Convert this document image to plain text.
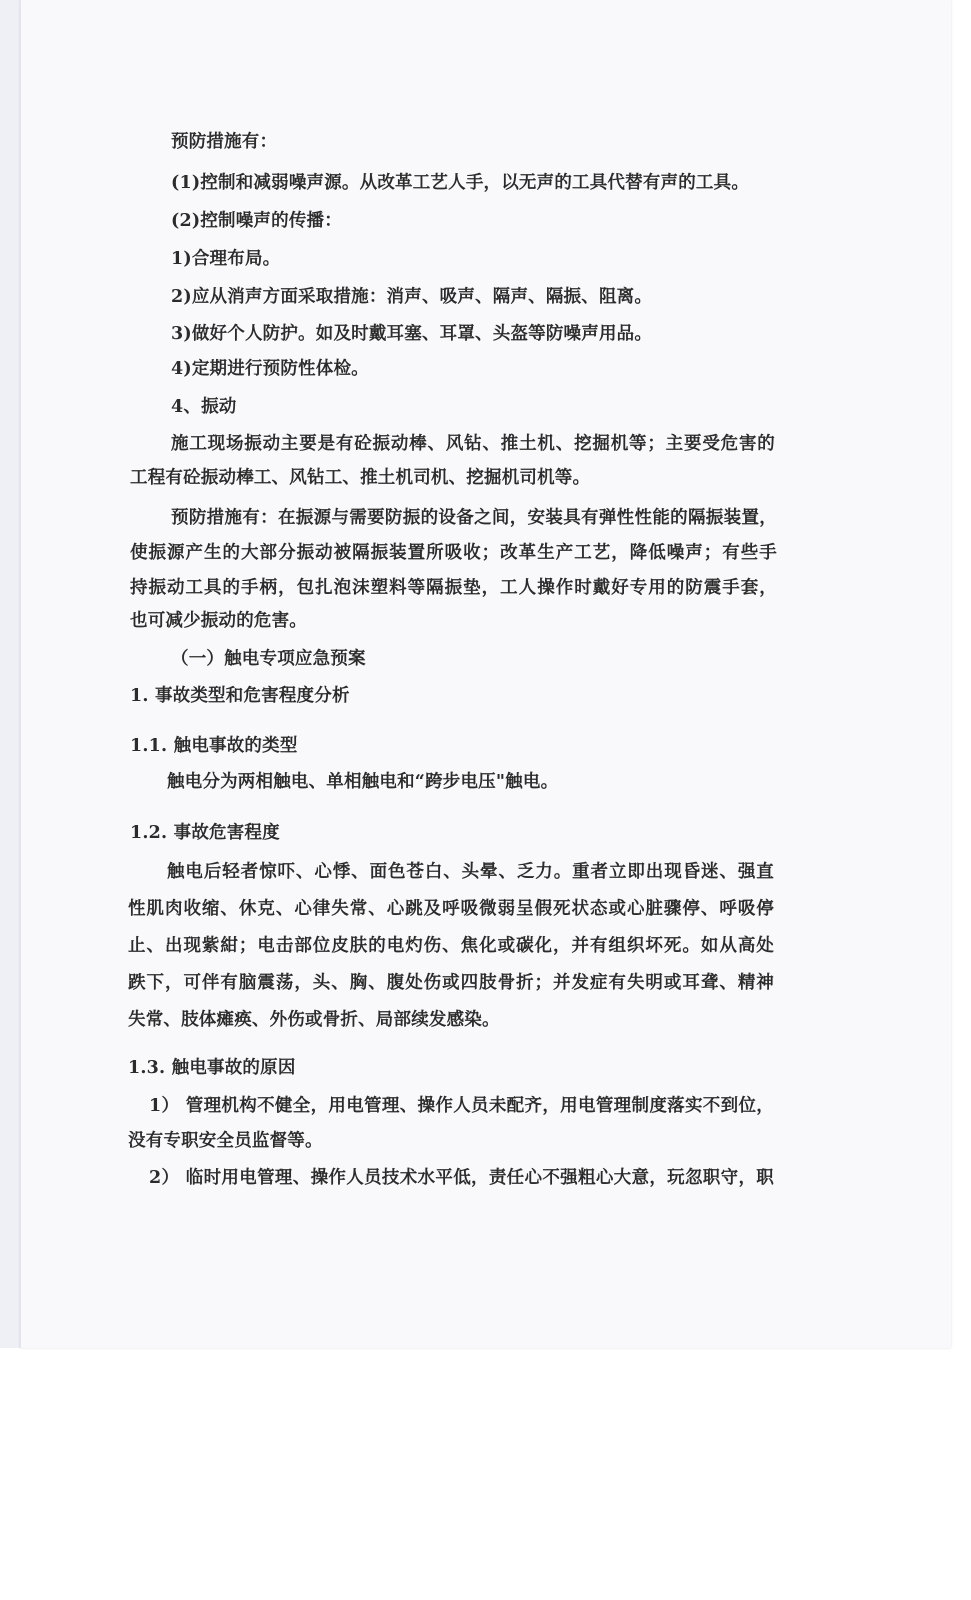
预防措施有：
(1)控制和减弱噪声源。从改革工艺人手，以无声的工具代替有声的工具。
(2)控制噪声的传播：
1)合理布局。
2)应从消声方面采取措施：消声、吸声、隔声、隔振、阻离。
3)做好个人防护。如及时戴耳塞、耳罩、头盔等防噪声用品。
4)定期进行预防性体检。
4、振动
施工现场振动主要是有砼振动棒、风钻、推土机、挖掘机等；主要受危害的
工程有砼振动棒工、风钻工、推土机司机、挖掘机司机等。
预防措施有：在振源与需要防振的设备之间，安装具有弹性性能的隔振装置，
使振源产生的大部分振动被隔振装置所吸收；改革生产工艺，降低噪声；有些手
持振动工具的手柄，包扎泡沫塑料等隔振垫，工人操作时戴好专用的防震手套，
也可减少振动的危害。
（一）触电专项应急预案
1. 事故类型和危害程度分析
1.1. 触电事故的类型
触电分为两相触电、单相触电和“跨步电压"触电。
1.2. 事故危害程度
触电后轻者惊吓、心悸、面色苍白、头晕、乏力。重者立即出现昏迷、强直
性肌肉收缩、休克、心律失常、心跳及呼吸微弱呈假死状态或心脏骤停、呼吸停
止、出现紫紺；电击部位皮肤的电灼伤、焦化或碳化，并有组织坏死。如从高处
跌下，可伴有脑震荡，头、胸、腹处伤或四肢骨折；并发症有失明或耳聋、精神
失常、肢体瘫痪、外伤或骨折、局部续发感染。
1.3. 触电事故的原因
1） 管理机构不健全，用电管理、操作人员未配齐，用电管理制度落实不到位，
没有专职安全员监督等。
2） 临时用电管理、操作人员技术水平低，责任心不强粗心大意，玩忽职守，职
